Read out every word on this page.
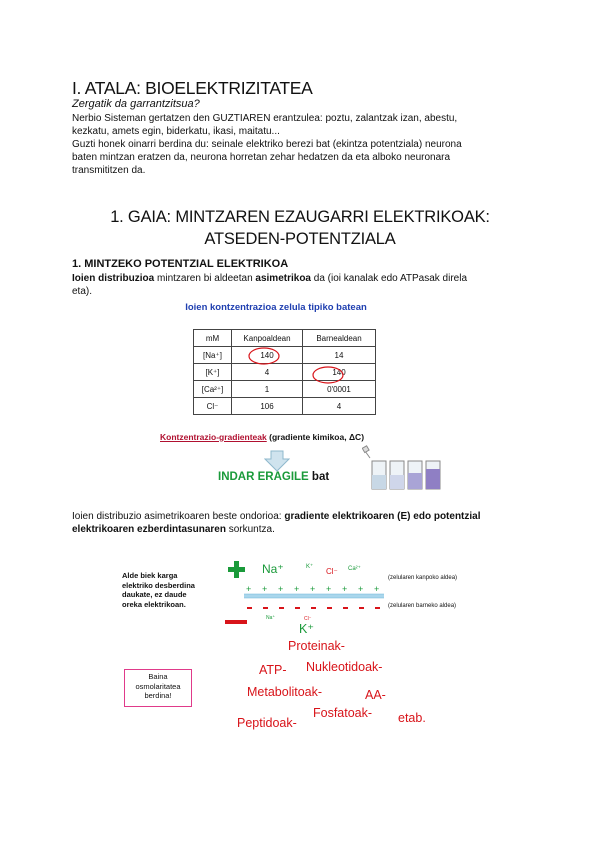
I. ATALA: BIOELEKTRIZITATEA
Zergatik da garrantzitsua?
Nerbio Sisteman gertatzen den GUZTIAREN erantzulea: poztu, zalantzak izan, abestu,
kezkatu, amets egin, biderkatu, ikasi, maitatu...
Guzti honek oinarri berdina du: seinale elektriko berezi bat (ekintza potentziala) neurona
baten mintzan eratzen da, neurona horretan zehar hedatzen da eta alboko neuronara
transmititzen da.
1. GAIA: MINTZAREN EZAUGARRI ELEKTRIKOAK:
ATSEDEN-POTENTZIALA
1. MINTZEKO POTENTZIAL ELEKTRIKOA
Ioien distribuzioa mintzaren bi aldeetan asimetrikoa da (ioi kanalak edo ATPasak direla
eta).
Ioien kontzentrazioa zelula tipiko batean
mM	Kanpoaldean	Barnealdean
[Na⁺]	140	14
[K⁺]	4	140
[Ca²⁺]	1	0'0001
Cl⁻	106	4
Kontzentrazio-gradienteak (gradiente kimikoa, ΔC)
INDAR ERAGILE bat
Ioien distribuzio asimetrikoaren beste ondorioa: gradiente elektrikoaren (E) edo potentzial
elektrikoaren ezberdintasunaren sorkuntza.
Alde biek karga
elektriko desberdina
daukate, ez daude
oreka elektrikoan.
+ + + + + + + + +
Na⁺	K⁺ Cl⁻ Ca²⁺
(zelularen kanpoko aldea)
(zelularen barneko aldea)
Na⁺	Cl⁻
K⁺
Proteinak-
Nukleotidoak-
ATP-
Metabolitoak-	AA-
Fosfatoak-
Peptidoak-	etab.
Baina
osmolaritatea
berdina!
